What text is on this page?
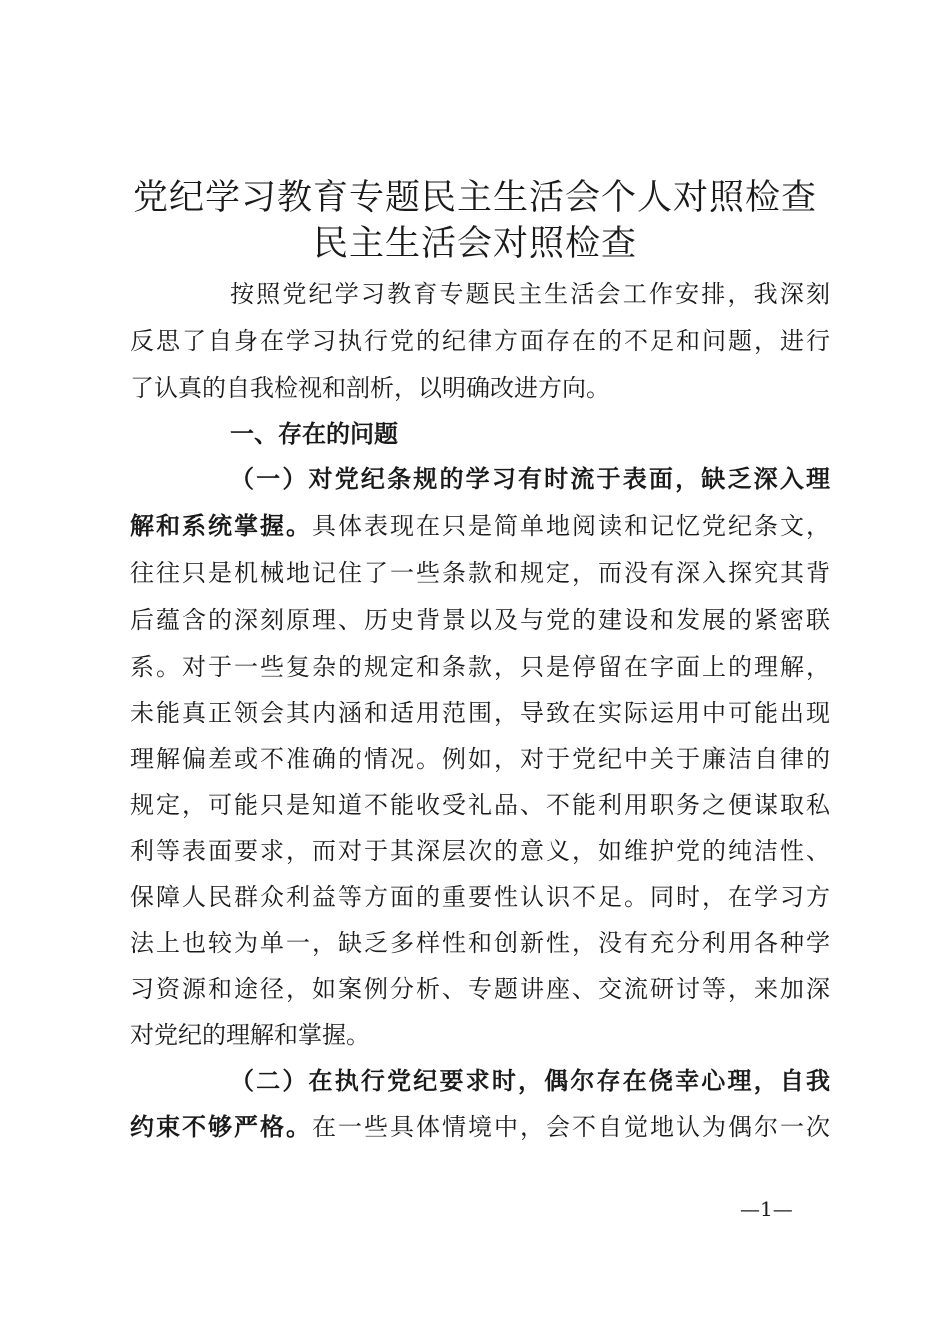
党纪学习教育专题民主生活会个人对照检查
民主生活会对照检查
按照党纪学习教育专题民主生活会工作安排，我深刻
反思了自身在学习执行党的纪律方面存在的不足和问题，进行
了认真的自我检视和剖析，以明确改进方向。
一、存在的问题
（一）对党纪条规的学习有时流于表面，缺乏深入理
解和系统掌握。具体表现在只是简单地阅读和记忆党纪条文，
往往只是机械地记住了一些条款和规定，而没有深入探究其背
后蕴含的深刻原理、历史背景以及与党的建设和发展的紧密联
系。对于一些复杂的规定和条款，只是停留在字面上的理解，
未能真正领会其内涵和适用范围，导致在实际运用中可能出现
理解偏差或不准确的情况。例如，对于党纪中关于廉洁自律的
规定，可能只是知道不能收受礼品、不能利用职务之便谋取私
利等表面要求，而对于其深层次的意义，如维护党的纯洁性、
保障人民群众利益等方面的重要性认识不足。同时，在学习方
法上也较为单一，缺乏多样性和创新性，没有充分利用各种学
习资源和途径，如案例分析、专题讲座、交流研讨等，来加深
对党纪的理解和掌握。
（二）在执行党纪要求时，偶尔存在侥幸心理，自我
约束不够严格。在一些具体情境中，会不自觉地认为偶尔一次
—1—
